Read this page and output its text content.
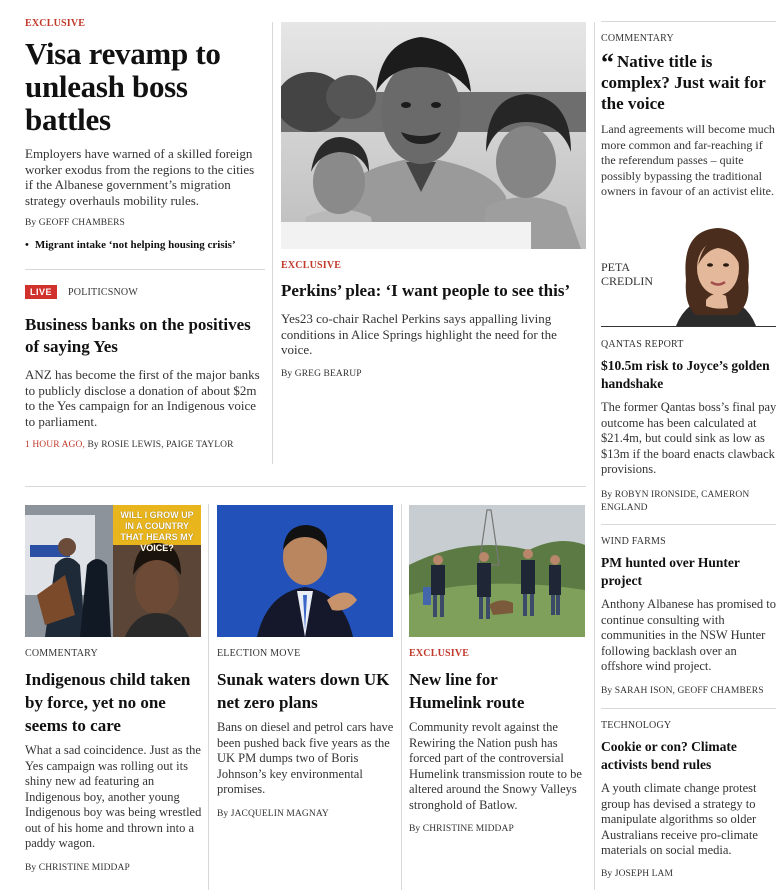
EXCLUSIVE
Visa revamp to unleash boss battles
Employers have warned of a skilled foreign worker exodus from the regions to the cities if the Albanese government’s migration strategy overhauls mobility rules.
By GEOFF CHAMBERS
• Migrant intake ‘not helping housing crisis’
LIVE	POLITICSNOW
Business banks on the positives of saying Yes
ANZ has become the first of the major banks to publicly disclose a donation of about $2m to the Yes campaign for an Indigenous voice to parliament.
1 HOUR AGO, By ROSIE LEWIS, PAIGE TAYLOR
EXCLUSIVE
Perkins’ plea: ‘I want people to see this’
Yes23 co-chair Rachel Perkins says appalling living conditions in Alice Springs highlight the need for the voice.
By GREG BEARUP
COMMENTARY
“ Native title is complex? Just wait for the voice
Land agreements will become much more common and far-reaching if the referendum passes – quite possibly bypassing the traditional owners in favour of an activist elite.
PETA CREDLIN
QANTAS REPORT
$10.5m risk to Joyce’s golden handshake
The former Qantas boss’s final pay outcome has been calculated at $21.4m, but could sink as low as $13m if the board enacts clawback provisions.
By ROBYN IRONSIDE, CAMERON ENGLAND
WIND FARMS
PM hunted over Hunter project
Anthony Albanese has promised to continue consulting with communities in the NSW Hunter following backlash over an offshore wind project.
By SARAH ISON, GEOFF CHAMBERS
TECHNOLOGY
Cookie or con? Climate activists bend rules
A youth climate change protest group has devised a strategy to manipulate algorithms so older Australians receive pro-climate materials on social media.
By JOSEPH LAM
WILL I GROW UP IN A COUNTRY THAT HEARS MY VOICE?
COMMENTARY
Indigenous child taken by force, yet no one seems to care
What a sad coincidence. Just as the Yes campaign was rolling out its shiny new ad featuring an Indigenous boy, another young Indigenous boy was being wrestled out of his home and thrown into a paddy wagon.
By CHRISTINE MIDDAP
ELECTION MOVE
Sunak waters down UK net zero plans
Bans on diesel and petrol cars have been pushed back five years as the UK PM dumps two of Boris Johnson’s key environmental promises.
By JACQUELIN MAGNAY
EXCLUSIVE
New line for Humelink route
Community revolt against the Rewiring the Nation push has forced part of the controversial Humelink transmission route to be altered around the Snowy Valleys stronghold of Batlow.
By CHRISTINE MIDDAP
